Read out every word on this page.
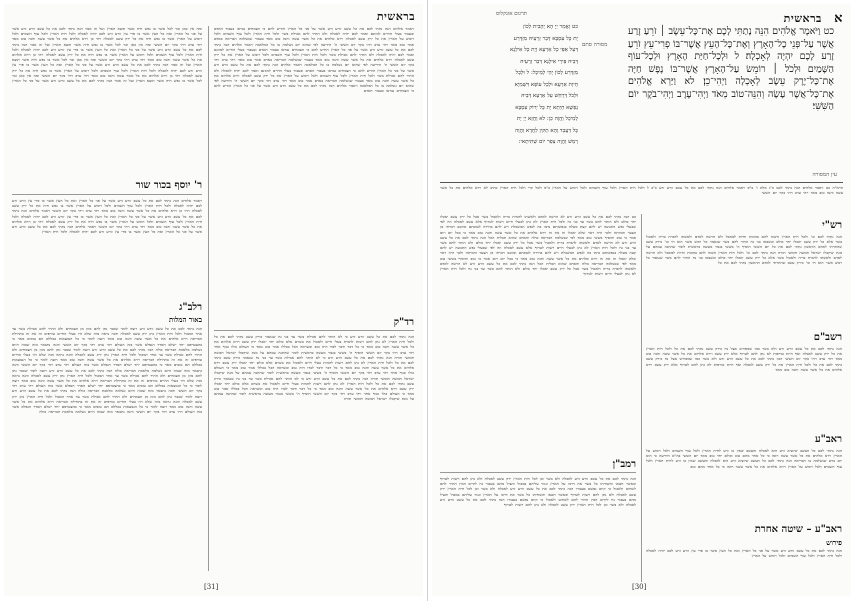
בראשית
ומה אין כאן זכר לכל אשר בו נפש חיה אשר תוצא הארץ ועל זה אמר הנה נתתי לכם את כל עשב זורע זרע אשר על פני כל הארץ ואת כל העץ אשר בו פרי עץ זורע זרע לכם יהיה לאכלה ולכל חית הארץ ולכל עוף השמים ולכל רומש על הארץ אשר בו נפש חיה את כל ירק עשב לאכלה ויהי כן וירא אלהים את כל אשר עשה והנה טוב מאד ויהי ערב ויהי בקר יום הששי ומה אין כאן זכר לכל אשר בו נפש חיה אשר תוצא הארץ ועל זה אמר הנה נתתי לכם את כל עשב זורע זרע אשר על פני כל הארץ ואת כל העץ אשר בו פרי עץ זורע זרע לכם יהיה לאכלה ולכל חית הארץ ולכל עוף השמים ולכל רומש על הארץ אשר בו נפש חיה את כל ירק עשב לאכלה ויהי כן וירא אלהים את כל אשר עשה והנה טוב מאד ויהי ערב ויהי בקר יום הששי ומה אין כאן זכר לכל אשר בו נפש חיה אשר תוצא הארץ ועל זה אמר הנה נתתי לכם את כל עשב זורע זרע אשר על פני כל הארץ ואת כל העץ אשר בו פרי עץ זורע זרע לכם יהיה לאכלה ולכל חית הארץ ולכל עוף השמים ולכל רומש על הארץ אשר בו נפש חיה את כל ירק עשב לאכלה ויהי כן וירא אלהים את כל אשר עשה והנה טוב מאד ויהי ערב ויהי בקר יום הששי ומה אין כאן זכר לכל אשר בו נפש חיה אשר תוצא הארץ ועל זה אמר הנה נתתי לכם את כל עשב זורע זרע אשר על פני כל הארץ
ר' יוסף בכור שור
ויאמר אלהים הנה נתתי לכם את כל עשב זורע זרע אשר על פני כל הארץ ואת כל העץ אשר בו פרי עץ זורע זרע לכם יהיה לאכלה ולכל חית הארץ ולכל עוף השמים ולכל רומש על הארץ אשר בו נפש חיה את כל ירק עשב לאכלה ויהי כן וירא אלהים את כל אשר עשה והנה טוב מאד ויהי ערב ויהי בקר יום הששי ויאמר אלהים הנה נתתי לכם את כל עשב זורע זרע אשר על פני כל הארץ ואת כל העץ אשר בו פרי עץ זורע זרע לכם יהיה לאכלה ולכל חית הארץ ולכל עוף השמים ולכל רומש על הארץ אשר בו נפש חיה את כל ירק עשב לאכלה ויהי כן וירא אלהים את כל אשר עשה והנה טוב מאד ויהי ערב ויהי בקר יום הששי ויאמר אלהים הנה נתתי לכם את כל עשב זורע זרע אשר על פני כל הארץ ואת כל העץ אשר בו פרי עץ זורע זרע לכם יהיה לאכלה ולכל חית הארץ
רלב"ג
באור המלות
הנה נתתי לכם את כל עשב זורע זרע רוצה לומר שכבר נתן להם מזון מן הצמחים ולא התיר להם אכילת בשר עד אחר המבול ולכל חית הארץ נתן ירק עשב לאכלה והנה נראה מזה שלא היו בעלי החיים טורפים זה את זה בתחילת הבריאה וירא אלהים את כל אשר עשה והנה טוב מאד רוצה לומר כי כל הנמצאות בכללם הם טובים מאד כי בהצטרפם יחד ישלם הסדר הנפלא אשר בזה העולם ויהי ערב ויהי בקר יום הששי והנה נתבאר מזה שבזה היום נשלמה מלאכת הבריאה כולה הנה נתתי לכם את כל עשב זורע זרע רוצה לומר שכבר נתן להם מזון מן הצמחים ולא התיר להם אכילת בשר עד אחר המבול ולכל חית הארץ נתן ירק עשב לאכלה והנה נראה מזה שלא היו בעלי החיים טורפים זה את זה בתחילת הבריאה וירא אלהים את כל אשר עשה והנה טוב מאד רוצה לומר כי כל הנמצאות בכללם הם טובים מאד כי בהצטרפם יחד ישלם הסדר הנפלא אשר בזה העולם ויהי ערב ויהי בקר יום הששי והנה נתבאר מזה שבזה היום נשלמה מלאכת הבריאה כולה הנה נתתי לכם את כל עשב זורע זרע רוצה לומר שכבר נתן להם מזון מן הצמחים ולא התיר להם אכילת בשר עד אחר המבול ולכל חית הארץ נתן ירק עשב לאכלה והנה נראה מזה שלא היו בעלי החיים טורפים זה את זה בתחילת הבריאה וירא אלהים את כל אשר עשה והנה טוב מאד רוצה לומר כי כל הנמצאות בכללם הם טובים מאד כי בהצטרפם יחד ישלם הסדר הנפלא אשר בזה העולם ויהי ערב ויהי בקר יום הששי והנה נתבאר מזה שבזה היום נשלמה מלאכת הבריאה כולה הנה נתתי לכם את כל עשב זורע זרע רוצה לומר שכבר נתן להם מזון מן הצמחים ולא התיר להם אכילת בשר עד אחר המבול ולכל חית הארץ נתן ירק עשב לאכלה והנה נראה מזה שלא היו בעלי החיים טורפים זה את זה בתחילת הבריאה וירא אלהים את כל אשר עשה והנה טוב מאד רוצה לומר כי כל הנמצאות בכללם הם טובים מאד כי בהצטרפם יחד ישלם הסדר הנפלא אשר בזה העולם ויהי ערב ויהי בקר יום הששי והנה נתבאר מזה שבזה היום נשלמה מלאכת הבריאה כולה
ויאמר אלהים הנה נתתי לכם את כל עשב זורע זרע אשר על פני כל הארץ הודיע להם כי הצמחים נבראו בעבור האדם ובעבור בעלי החיים למזונם ואמר לכם יהיה לאכלה ולא התיר להם אכילת בשר ולכל חית הארץ ולכל עוף השמים ולכל רומש על הארץ את כל ירק עשב לאכלה וירא אלהים את כל אשר עשה והנה טוב מאד בעבור שנשלמה הבריאה באדם אמר טוב מאד ויהי ערב ויהי בקר יום הששי ה' הידיעה לפי שהוא יום נשלמה בו כל המלאכה ויאמר אלהים הנה נתתי לכם את כל עשב זורע זרע אשר על פני כל הארץ הודיע להם כי הצמחים נבראו בעבור האדם ובעבור בעלי החיים למזונם ואמר לכם יהיה לאכלה ולא התיר להם אכילת בשר ולכל חית הארץ ולכל עוף השמים ולכל רומש על הארץ את כל ירק עשב לאכלה וירא אלהים את כל אשר עשה והנה טוב מאד בעבור שנשלמה הבריאה באדם אמר טוב מאד ויהי ערב ויהי בקר יום הששי ה' הידיעה לפי שהוא יום נשלמה בו כל המלאכה ויאמר אלהים הנה נתתי לכם את כל עשב זורע זרע אשר על פני כל הארץ הודיע להם כי הצמחים נבראו בעבור האדם ובעבור בעלי החיים למזונם ואמר לכם יהיה לאכלה ולא התיר להם אכילת בשר ולכל חית הארץ ולכל עוף השמים ולכל רומש על הארץ את כל ירק עשב לאכלה וירא אלהים את כל אשר עשה והנה טוב מאד בעבור שנשלמה הבריאה באדם אמר טוב מאד ויהי ערב ויהי בקר יום הששי ה' הידיעה לפי שהוא יום נשלמה בו כל המלאכה ויאמר אלהים הנה נתתי לכם את כל עשב זורע זרע אשר על פני כל הארץ הודיע להם כי הצמחים נבראו בעבור האדם
רד"ק
הנה נתתי לכם את כל עשב זורע זרע כי לא הותר להם אכילת בשר עד בני נח שנאמר כירק עשב נתתי לכם את כל ולכל חית הארץ לא נתן להם רשות להמית בעלי חיים ולאכול את בשרם אלא כולם יחד יאכלו ירק עשב וירא אלהים את כל אשר עשה והנה טוב מאד כי כל דבר ודבר לבדו היה טוב וכשראה הכל בכללו אמר טוב מאד כי העולם כולו כגוף אחד ויהי ערב ויהי בקר יום הששי הוסיף ה' בששי בגמר מעשה בראשית לומר שהתנה עמהם על מנת שיקבלו ישראל חמשה חומשי תורה הנה נתתי לכם את כל עשב זורע זרע כי לא הותר להם אכילת בשר עד בני נח שנאמר כירק עשב נתתי לכם את כל ולכל חית הארץ לא נתן להם רשות להמית בעלי חיים ולאכול את בשרם אלא כולם יחד יאכלו ירק עשב וירא אלהים את כל אשר עשה והנה טוב מאד כי כל דבר ודבר לבדו היה טוב וכשראה הכל בכללו אמר טוב מאד כי העולם כולו כגוף אחד ויהי ערב ויהי בקר יום הששי הוסיף ה' בששי בגמר מעשה בראשית לומר שהתנה עמהם על מנת שיקבלו ישראל חמשה חומשי תורה הנה נתתי לכם את כל עשב זורע זרע כי לא הותר להם אכילת בשר עד בני נח שנאמר כירק עשב נתתי לכם את כל ולכל חית הארץ לא נתן להם רשות להמית בעלי חיים ולאכול את בשרם אלא כולם יחד יאכלו ירק עשב וירא אלהים את כל אשר עשה והנה טוב מאד כי כל דבר ודבר לבדו היה טוב וכשראה הכל בכללו אמר טוב מאד כי העולם כולו כגוף אחד ויהי ערב ויהי בקר יום הששי הוסיף ה' בששי בגמר מעשה בראשית לומר שהתנה עמהם על מנת שיקבלו ישראל חמשה חומשי תורה
[31]
א בראשית
תרגום אונקלוס
מסורה סתם
כט וַאֲמַר יְיָ הָא יְהָבִית לְכוֹן
יָת כָּל עִסְבָּא דְּבַר זַרְעֵיהּ מִזְדְּרַע
דְּעַל אַפֵּי כָל אַרְעָא וְיָת כָּל אִילָנָא
דְּבֵיהּ פֵּירֵי אִילָנָא דְּבַר זַרְעֵיהּ
מִזְדְּרַע לְכוֹן יְהֵי לְמֵיכָל: ל וּלְכָל
חֵיוַת אַרְעָא וּלְכָל עוֹפָא דִּשְׁמַיָּא
וּלְכֹל דְּרָחֵשׁ עַל אַרְעָא דְּבֵיהּ
נַפְשָׁא חַיְתָא יָת כָּל יְרוֹק עִסְבָּא
לְמֵיכָל וַהֲוָה כֵן: לא וַחֲזָא יְיָ יָת
כָּל דַּעֲבַד וְהָא תַקִּין לַחֲדָא וַהֲוָה
רְמַשׁ וַהֲוָה צְפַר יוֹם שְׁתִיתָאי:
כט וַיֹּאמֶר אֱלֹהִים הִנֵּה נָתַתִּי לָכֶם אֶת־כָּל־עֵשֶׂב ׀ זֹרֵעַ זֶרַע אֲשֶׁר עַל־פְּנֵי כָל־הָאָרֶץ וְאֶת־כָּל־הָעֵץ אֲשֶׁר־בּוֹ פְרִי־עֵץ זֹרֵעַ זָרַע לָכֶם יִהְיֶה לְאָכְלָה׃ ל וּלְכָל־חַיַּת הָאָרֶץ וּלְכָל־עוֹף הַשָּׁמַיִם וּלְכֹל ׀ רוֹמֵשׂ עַל־הָאָרֶץ אֲשֶׁר־בּוֹ נֶפֶשׁ חַיָּה אֶת־כָּל־יֶרֶק עֵשֶׂב לְאָכְלָה וַיְהִי־כֵן׃ לא וַיַּרְא אֱלֹהִים אֶת־כָּל־אֲשֶׁר עָשָׂה וְהִנֵּה־טוֹב מְאֹד וַיְהִי־עֶרֶב וַיְהִי־בֹקֶר יוֹם הַשִּׁשִּׁי׃
עין המסורה
הרמ"ה כט ויאמר אלהים הנה נתתי לכם כ"ג מלא ו' ב"פ ויאמר אלהים הנה נתתי לכם את כל עשב זורע זרע כ"ב ל ולכל חית הארץ ולכל עוף השמים ולכל רומש על הארץ ב"פ ולכל קרי ולכל חית הארץ כתיב לא וירא אלהים את כל אשר עשה והנה טוב מאד ויהי ערב ויהי בקר יום הששי
רש"י
הנה נתתי לכם וגו' ולכל חית הארץ השוה להם בהמות וחיות למאכל ולא הרשה לאדם ולאשתו להמית בריה ולאכול בשר אלא כל ירק עשב יאכלו יחד כולם וכשבאו בני נח התיר להם בשר שנאמר כל רמש אשר הוא חי וגו' כירק עשב שהתרתי לאדם הראשון נתתי לכם את כל יום הששי הוסיף ה' בששי בגמר מעשה בראשית לומר שהתנה עמהם על מנת שיקבלו ישראל חמשה חומשי תורה הנה נתתי לכם וגו' ולכל חית הארץ השוה להם בהמות וחיות למאכל ולא הרשה לאדם ולאשתו להמית בריה ולאכול בשר אלא כל ירק עשב יאכלו יחד כולם וכשבאו בני נח התיר להם בשר שנאמר כל רמש אשר הוא חי וגו' כירק עשב שהתרתי לאדם הראשון נתתי לכם את כל
רשב"ם
הנה נתתי לכם את כל עשב זורע זרע ולא בשר כמו שמפורש אצל נח כירק עשב נתתי לכם את כל ולכל חית הארץ את כל ירק עשב לאכלה ואף חיות טורפות לא נתן להם לטרוף אלא ירק עשב וירא אלהים את כל אשר עשה והנה טוב מאד ויהי ערב ויהי בקר יום הששי הנה נתתי לכם את כל עשב זורע זרע ולא בשר כמו שמפורש אצל נח כירק עשב נתתי לכם את כל ולכל חית הארץ את כל ירק עשב לאכלה ואף חיות טורפות לא נתן להם לטרוף אלא ירק עשב וירא אלהים את כל אשר עשה והנה טוב מאד
ראב"ע
הנה נתתי לכם כל העשב שיוציא זרע הוא לאכלה והעשב שאין בו זרע לחית הארץ ולכל עוף השמים ולכל רומש על הארץ וירא אלהים את כל אשר עשה ראה כי כל אחד מהם טוב וכולם יחד טוב מאד יום הששי בה"א הידיעה כי הוא יום נודע שנשלמה בו הבריאה הנה נתתי לכם כל העשב שיוציא זרע הוא לאכלה והעשב שאין בו זרע לחית הארץ ולכל עוף השמים ולכל רומש על הארץ וירא אלהים את כל אשר עשה ראה כי כל אחד מהם טוב
ראב"ע – שיטה אחרת
פירוש
הנה נתתי לכם את כל עשב זורע זרע אשר על פני כל הארץ ואת כל העץ אשר בו פרי עץ זורע זרע לכם יהיה לאכלה ולכל חית הארץ ולכל עוף השמים ולכל רומש על הארץ
כט הנה נתתי לכם את כל עשב זורע זרע לא הרשה לאדם ולאשתו להמית בריה ולאכול בשר אבל כל ירק עשב יאכלו יחד כולם ולא הותר להם בשר עד בני נח ולכל חית הארץ לא נתן לבעלי חיים רשות לטרוף אלא עשב לאכלה וזה לפי שבעלי נפש התנועה יש להם קצת מעלה בנפשותם נדמו בה לנפש המשכלת ויש להם בחירה לטובתם ומזונם ויברחו מן הצער והמיתה ולכך היה ראוי שלא יאכלו זה את זה וירא אלהים את כל אשר עשה והנה טוב מאד כי בכל יום ויום אמר כי טוב והוסיף בששי טוב מאד לפי שנשלמה הבריאה כולה והאדם שהוא תכלית הכל הנה נתתי לכם את כל עשב זורע זרע לא הרשה לאדם ולאשתו להמית בריה ולאכול בשר אבל כל ירק עשב יאכלו יחד כולם ולא הותר להם בשר עד בני נח ולכל חית הארץ לא נתן לבעלי חיים רשות לטרוף אלא עשב לאכלה וזה לפי שבעלי נפש התנועה יש להם קצת מעלה בנפשותם נדמו בה לנפש המשכלת ויש להם בחירה לטובתם ומזונם ויברחו מן הצער והמיתה ולכך היה ראוי שלא יאכלו זה את זה וירא אלהים את כל אשר עשה והנה טוב מאד כי בכל יום ויום אמר כי טוב והוסיף בששי טוב מאד לפי שנשלמה הבריאה כולה והאדם שהוא תכלית הכל הנה נתתי לכם את כל עשב זורע זרע לא הרשה לאדם ולאשתו להמית בריה ולאכול בשר אבל כל ירק עשב יאכלו יחד כולם ולא הותר להם בשר עד בני נח ולכל חית הארץ לא נתן לבעלי חיים רשות לטרוף
רמב"ן
הנה נתתי לכם את כל עשב זורע זרע לאכלה ולא בשר וכן לכל חית הארץ ירק עשב לאכלה ולא נתן להם רשות לטרוף וכאשר חטאו והשחיתו כל בשר את דרכו על הארץ ונגזר עליהם במבול והציל מהם בעבור נח לקיים המין התיר להם לשחוט ולאכול כי קיום נפשם בעבורו הנה נתתי לכם את כל עשב זורע זרע לאכלה ולא בשר וכן לכל חית הארץ ירק עשב לאכלה ולא נתן להם רשות לטרוף וכאשר חטאו והשחיתו כל בשר את דרכו על הארץ ונגזר עליהם במבול והציל מהם בעבור נח לקיים המין התיר להם לשחוט ולאכול כי קיום נפשם בעבורו הנה נתתי לכם את כל עשב זורע זרע לאכלה ולא בשר וכן לכל חית הארץ ירק עשב לאכלה ולא נתן להם רשות לטרוף
[30]
